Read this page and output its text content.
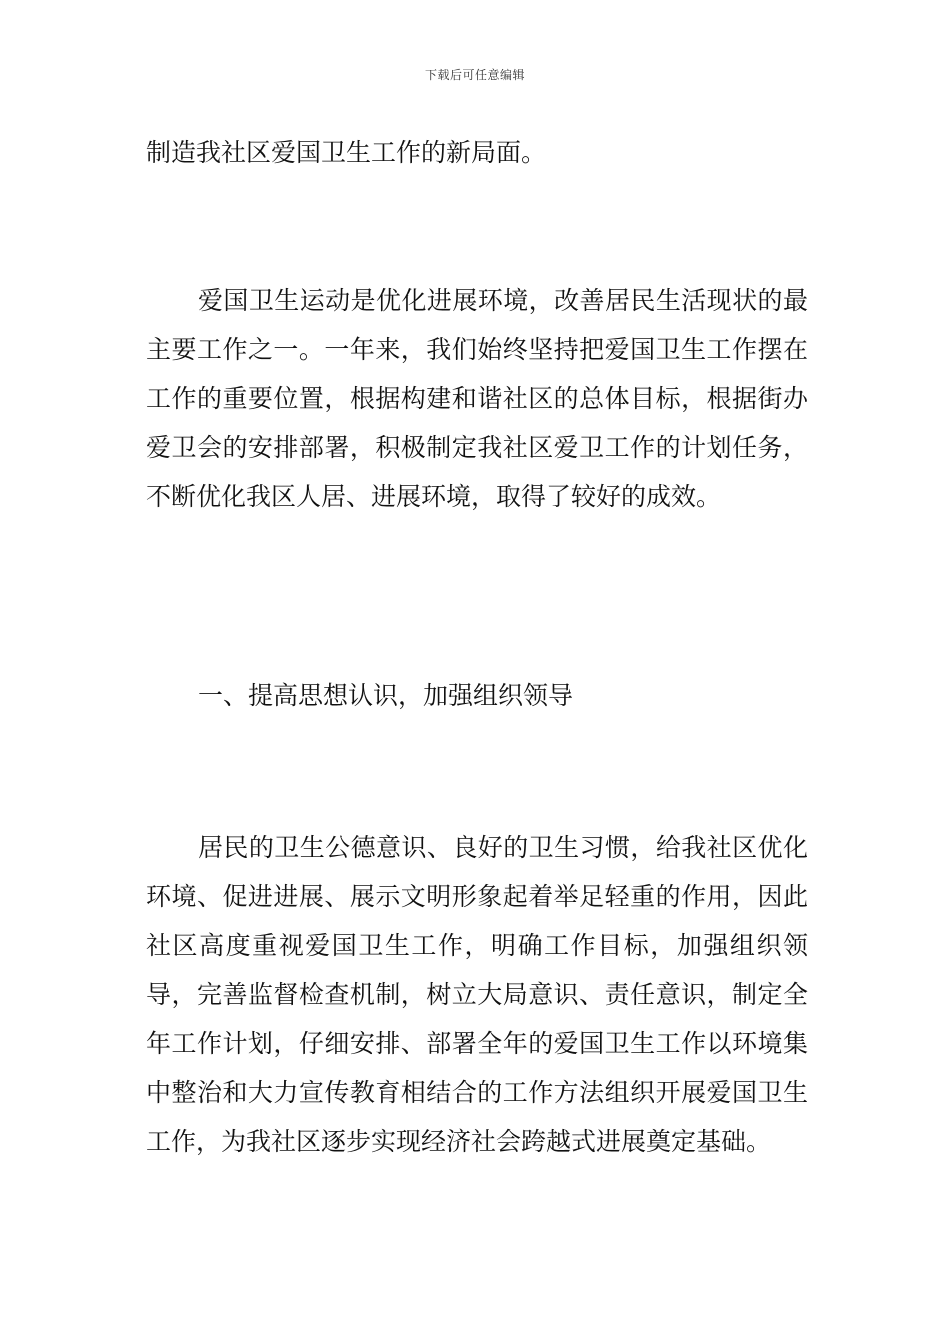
下载后可任意编辑

制造我社区爱国卫生工作的新局面。

爱国卫生运动是优化进展环境，改善居民生活现状的最主要工作之一。一年来，我们始终坚持把爱国卫生工作摆在工作的重要位置，根据构建和谐社区的总体目标，根据街办爱卫会的安排部署，积极制定我社区爱卫工作的计划任务，不断优化我区人居、进展环境，取得了较好的成效。

一、提高思想认识，加强组织领导

居民的卫生公德意识、良好的卫生习惯，给我社区优化环境、促进进展、展示文明形象起着举足轻重的作用，因此社区高度重视爱国卫生工作，明确工作目标，加强组织领导，完善监督检查机制，树立大局意识、责任意识，制定全年工作计划，仔细安排、部署全年的爱国卫生工作以环境集中整治和大力宣传教育相结合的工作方法组织开展爱国卫生工作，为我社区逐步实现经济社会跨越式进展奠定基础。
